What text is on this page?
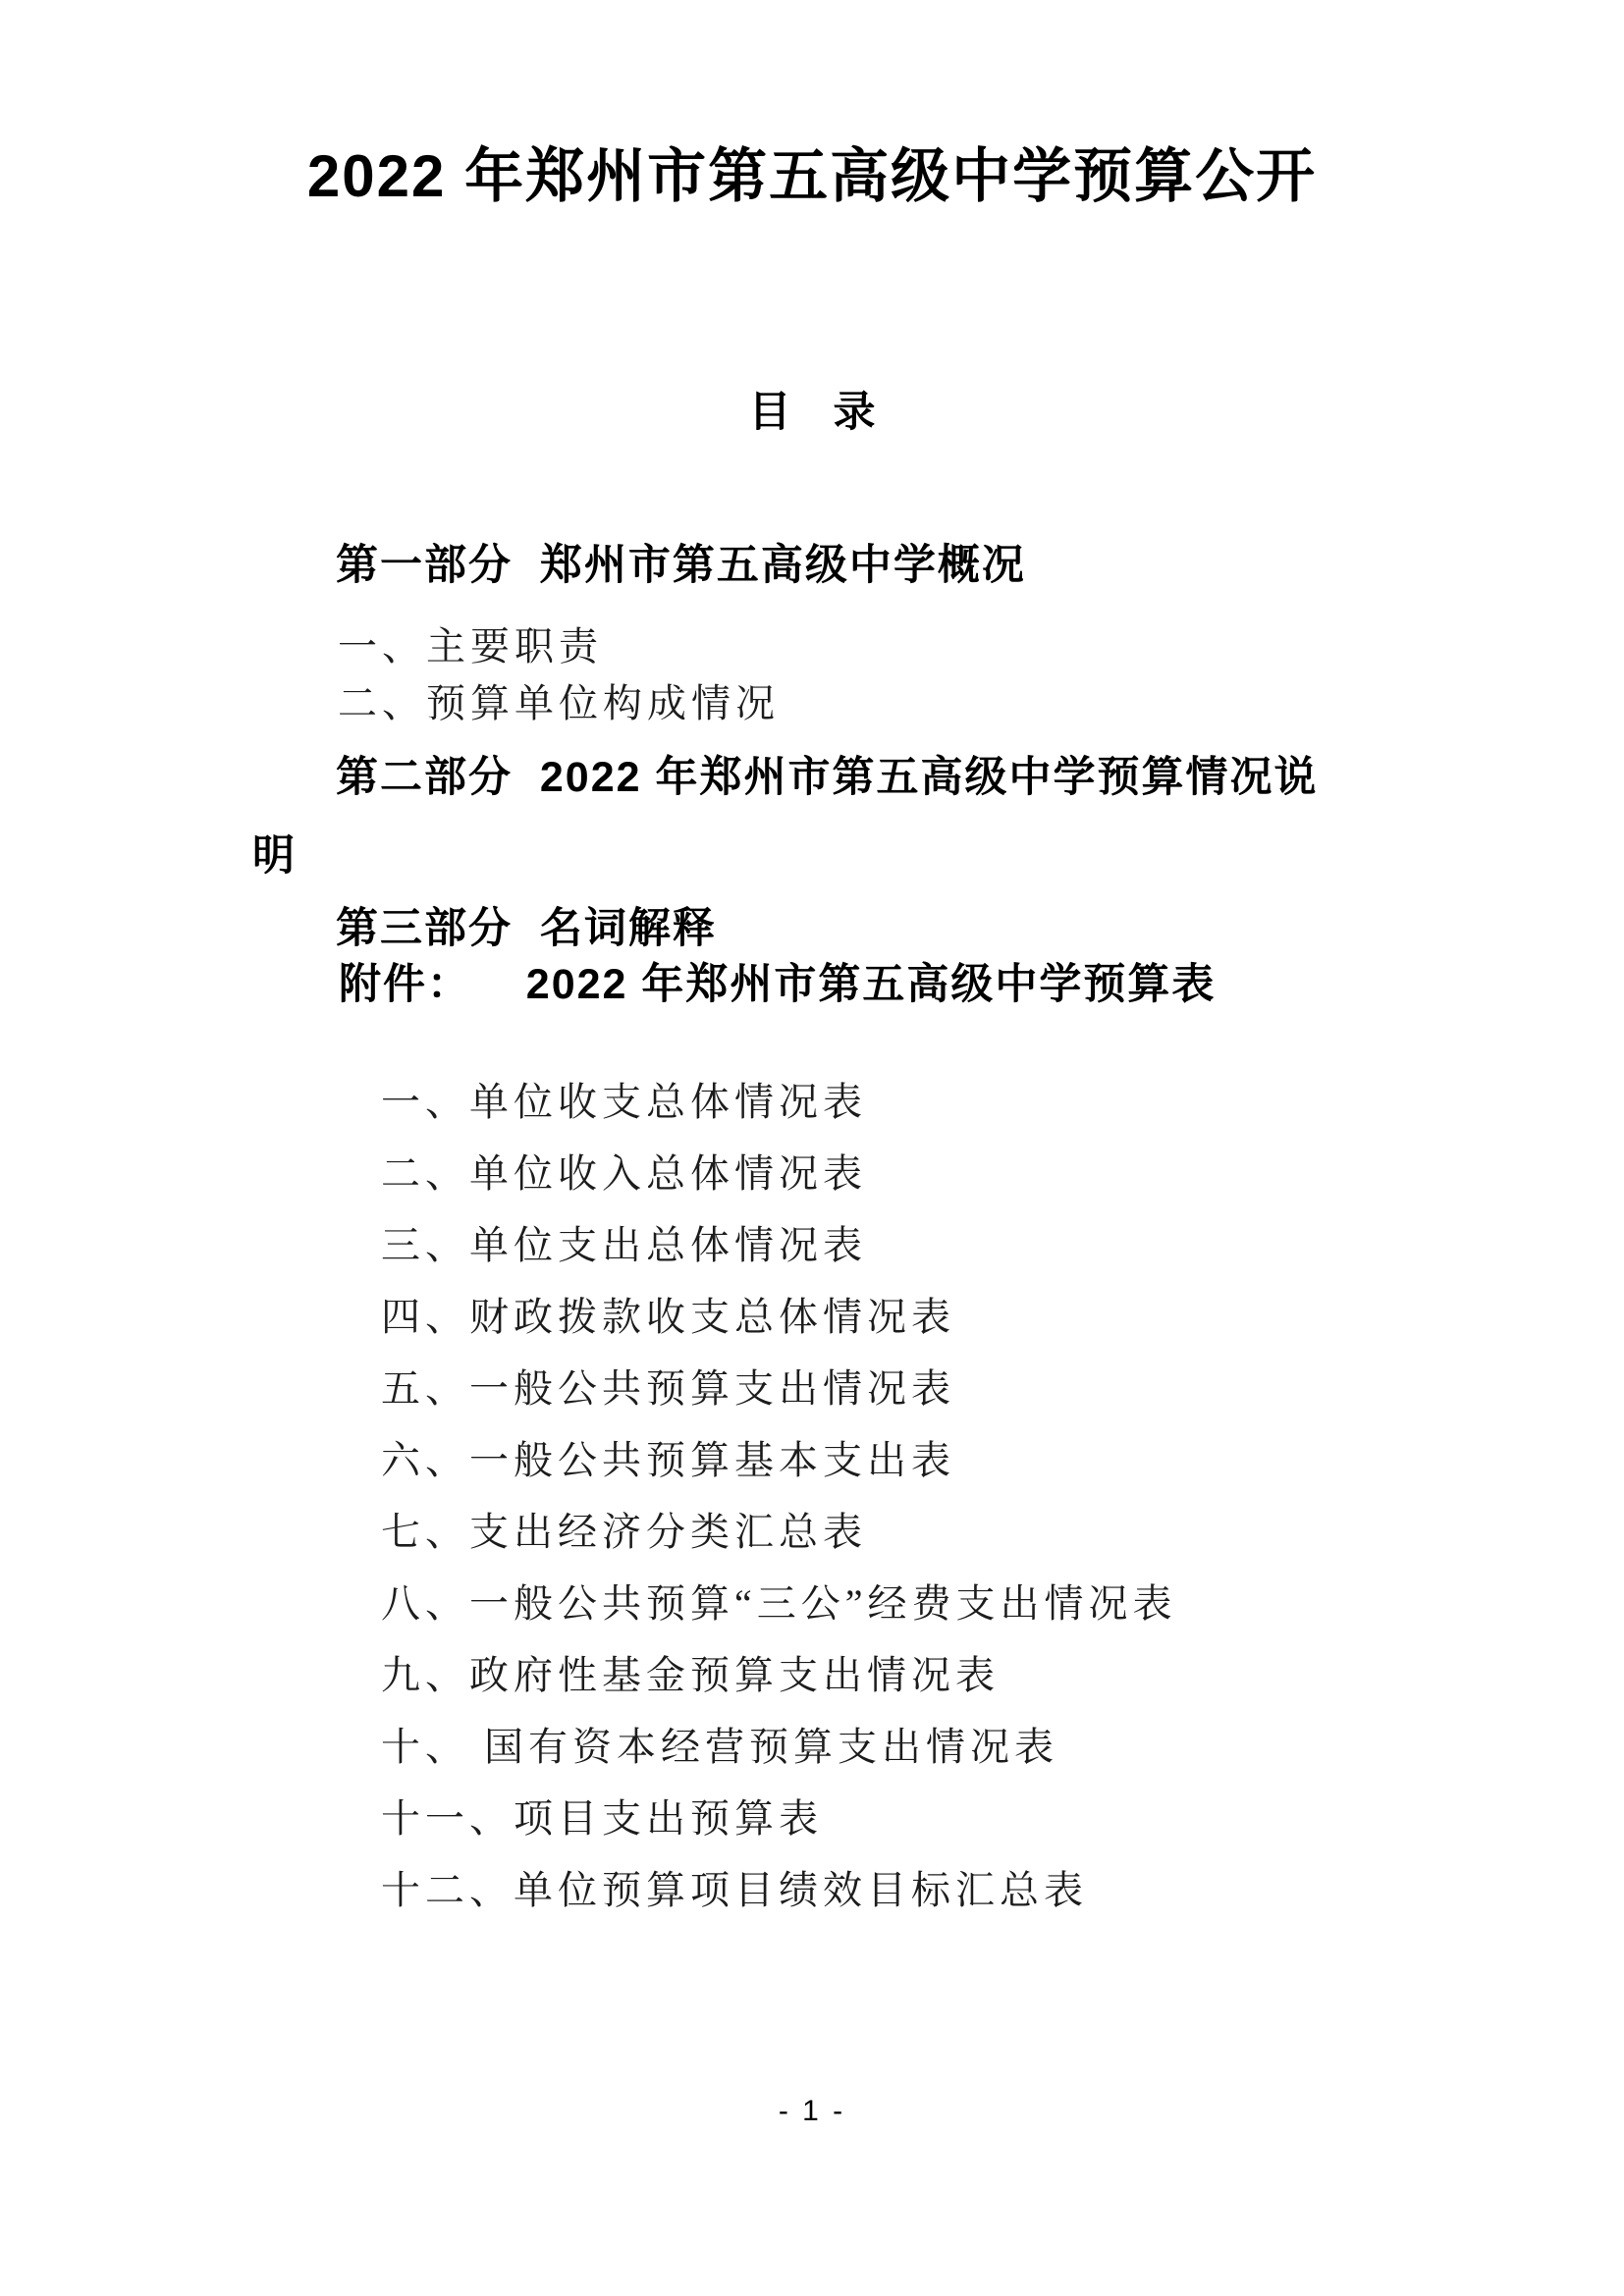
2022 年郑州市第五高级中学预算公开
目　录
第一部分  郑州市第五高级中学概况
一、主要职责
二、预算单位构成情况
第二部分  2022 年郑州市第五高级中学预算情况说
明
第三部分  名词解释
附件：    2022 年郑州市第五高级中学预算表
一、单位收支总体情况表
二、单位收入总体情况表
三、单位支出总体情况表
四、财政拨款收支总体情况表
五、一般公共预算支出情况表
六、一般公共预算基本支出表
七、支出经济分类汇总表
八、一般公共预算“三公”经费支出情况表
九、政府性基金预算支出情况表
十、 国有资本经营预算支出情况表
十一、项目支出预算表
十二、单位预算项目绩效目标汇总表
- 1 -
